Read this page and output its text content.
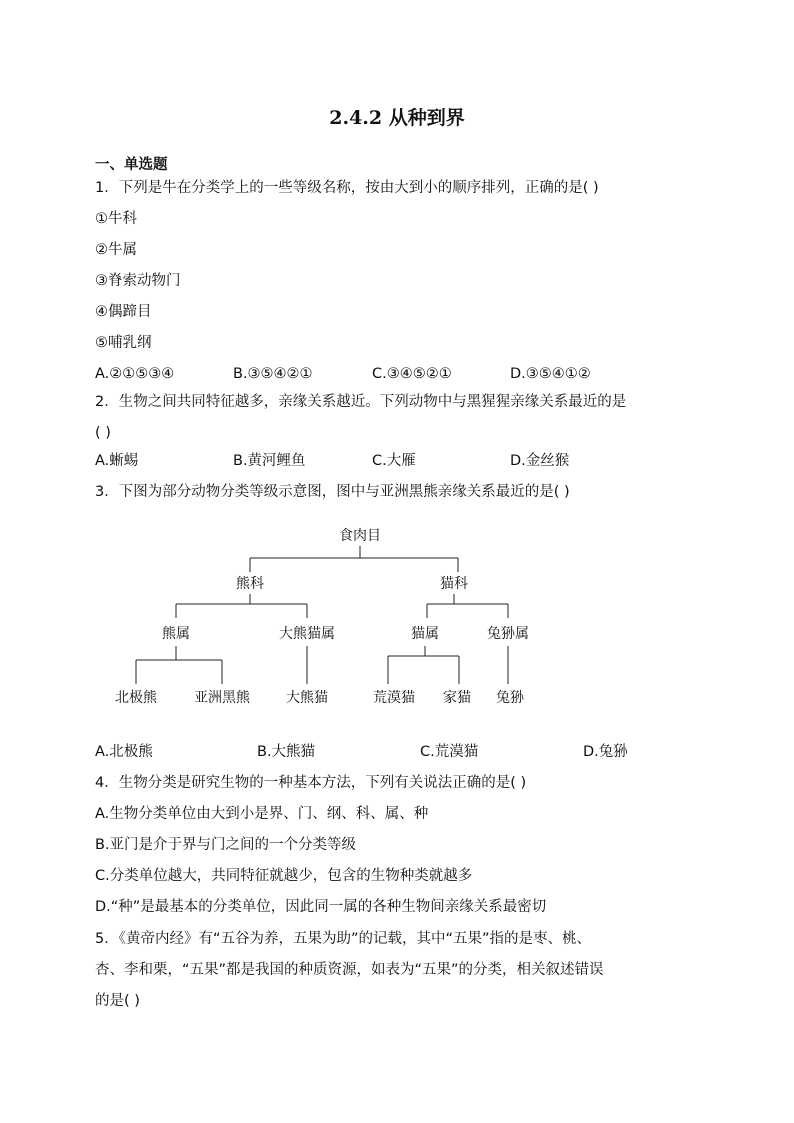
2.4.2 从种到界
一、单选题
1．下列是牛在分类学上的一些等级名称，按由大到小的顺序排列，正确的是( )
①牛科
②牛属
③脊索动物门
④偶蹄目
⑤哺乳纲
A.②①⑤③④	B.③⑤④②①	C.③④⑤②①	D.③⑤④①②
2．生物之间共同特征越多，亲缘关系越近。下列动物中与黑猩猩亲缘关系最近的是
( )
A.蜥蜴	B.黄河鲤鱼	C.大雁	D.金丝猴
3．下图为部分动物分类等级示意图，图中与亚洲黑熊亲缘关系最近的是( )
食肉目
熊科	猫科
熊属	大熊猫属	猫属	兔狲属
北极熊	亚洲黑熊	大熊猫	荒漠猫 家猫 兔狲
A.北极熊	B.大熊猫	C.荒漠猫	D.兔狲
4．生物分类是研究生物的一种基本方法，下列有关说法正确的是( )
A.生物分类单位由大到小是界、门、纲、科、属、种
B.亚门是介于界与门之间的一个分类等级
C.分类单位越大，共同特征就越少，包含的生物种类就越多
D.“种”是最基本的分类单位，因此同一属的各种生物间亲缘关系最密切
5．《黄帝内经》有“五谷为养，五果为助”的记载，其中“五果”指的是枣、桃、
杏、李和栗，“五果”都是我国的种质资源，如表为“五果”的分类，相关叙述错误
的是( )
